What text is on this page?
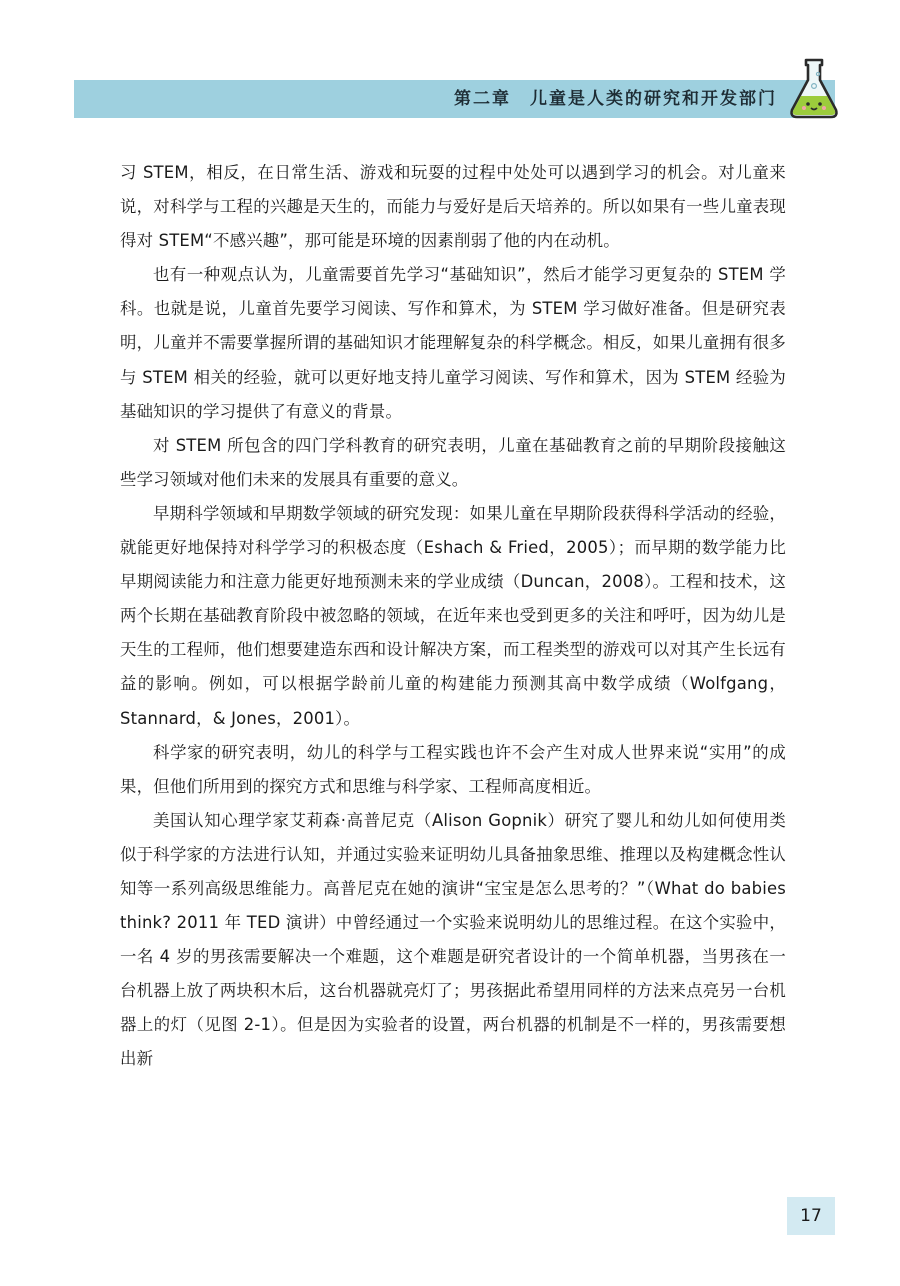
第二章　儿童是人类的研究和开发部门

习 STEM，相反，在日常生活、游戏和玩耍的过程中处处可以遇到学习的机会。对儿童来说，对科学与工程的兴趣是天生的，而能力与爱好是后天培养的。所以如果有一些儿童表现得对 STEM“不感兴趣”，那可能是环境的因素削弱了他的内在动机。

也有一种观点认为，儿童需要首先学习“基础知识”，然后才能学习更复杂的 STEM 学科。也就是说，儿童首先要学习阅读、写作和算术，为 STEM 学习做好准备。但是研究表明，儿童并不需要掌握所谓的基础知识才能理解复杂的科学概念。相反，如果儿童拥有很多与 STEM 相关的经验，就可以更好地支持儿童学习阅读、写作和算术，因为 STEM 经验为基础知识的学习提供了有意义的背景。

对 STEM 所包含的四门学科教育的研究表明，儿童在基础教育之前的早期阶段接触这些学习领域对他们未来的发展具有重要的意义。

早期科学领域和早期数学领域的研究发现：如果儿童在早期阶段获得科学活动的经验，就能更好地保持对科学学习的积极态度（Eshach & Fried，2005）；而早期的数学能力比早期阅读能力和注意力能更好地预测未来的学业成绩（Duncan，2008）。工程和技术，这两个长期在基础教育阶段中被忽略的领域，在近年来也受到更多的关注和呼吁，因为幼儿是天生的工程师，他们想要建造东西和设计解决方案，而工程类型的游戏可以对其产生长远有益的影响。例如，可以根据学龄前儿童的构建能力预测其高中数学成绩（Wolfgang，Stannard，& Jones，2001）。

科学家的研究表明，幼儿的科学与工程实践也许不会产生对成人世界来说“实用”的成果，但他们所用到的探究方式和思维与科学家、工程师高度相近。

美国认知心理学家艾莉森·高普尼克（Alison Gopnik）研究了婴儿和幼儿如何使用类似于科学家的方法进行认知，并通过实验来证明幼儿具备抽象思维、推理以及构建概念性认知等一系列高级思维能力。高普尼克在她的演讲“宝宝是怎么思考的？”（What do babies think? 2011 年 TED 演讲）中曾经通过一个实验来说明幼儿的思维过程。在这个实验中，一名 4 岁的男孩需要解决一个难题，这个难题是研究者设计的一个简单机器，当男孩在一台机器上放了两块积木后，这台机器就亮灯了；男孩据此希望用同样的方法来点亮另一台机器上的灯（见图 2-1）。但是因为实验者的设置，两台机器的机制是不一样的，男孩需要想出新

17
